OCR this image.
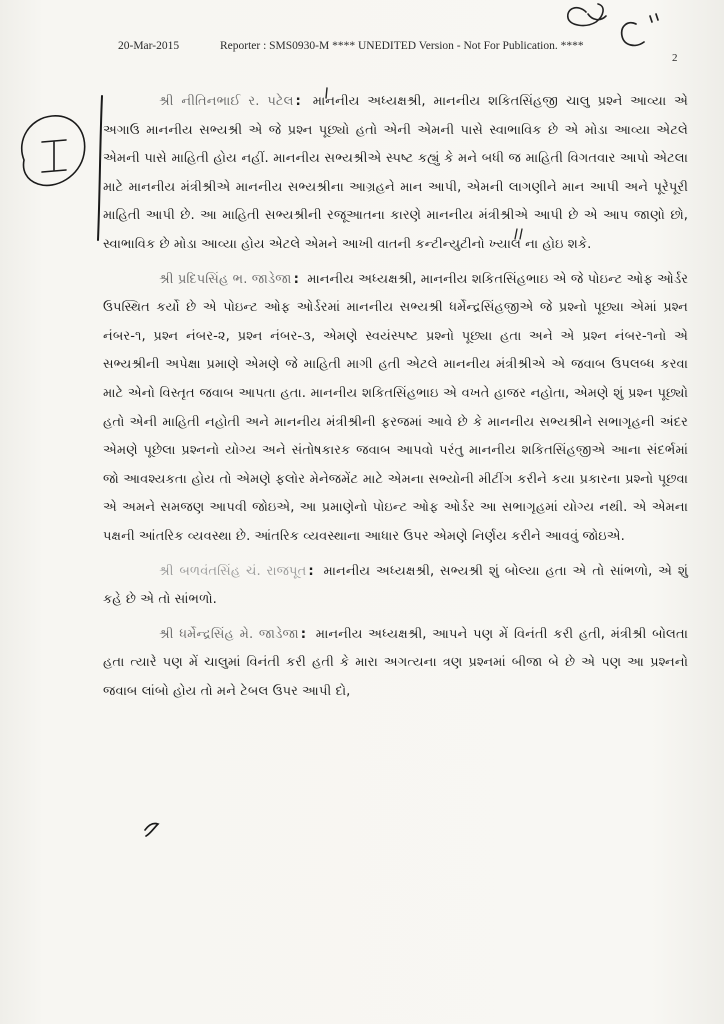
20-Mar-2015	Reporter : SMS0930-M **** UNEDITED Version - Not For Publication. ****
2

શ્રી નીતિનભાઈ ર. પટેલ : માનનીય અધ્યક્ષશ્રી, માનનીય શકિતસિંહજી ચાલુ પ્રશ્ને આવ્યા એ અગાઉ માનનીય સભ્યશ્રી એ જે પ્રશ્ન પૂછ્યો હતો એની એમની પાસે સ્વાભાવિક છે એ મોડા આવ્યા એટલે એમની પાસે માહિતી હોય નહીં. માનનીય સભ્યશ્રીએ સ્પષ્ટ કહ્યું કે મને બધી જ માહિતી વિગતવાર આપો એટલા માટે માનનીય મંત્રીશ્રીએ માનનીય સભ્યશ્રીના આગ્રહને માન આપી, એમની લાગણીને માન આપી અને પૂરેપૂરી માહિતી આપી છે. આ માહિતી સભ્યશ્રીની રજૂઆતના કારણે માનનીય મંત્રીશ્રીએ આપી છે એ આપ જાણો છો, સ્વાભાવિક છે મોડા આવ્યા હોય એટલે એમને આખી વાતની કન્ટીન્યુટીનો ખ્યાલ ના હોઇ શકે.

શ્રી પ્રદિપસિંહ ભ. જાડેજા : માનનીય અધ્યક્ષશ્રી, માનનીય શકિતસિંહભાઇ એ જે પોઇન્ટ ઓફ ઓર્ડર ઉપસ્થિત કર્યો છે એ પોઇન્ટ ઓફ ઓર્ડરમાં માનનીય સભ્યશ્રી ધર્મેન્દ્રસિંહજીએ જે પ્રશ્નો પૂછ્યા એમાં પ્રશ્ન નંબર-૧, પ્રશ્ન નંબર-૨, પ્રશ્ન નંબર-૩, એમણે સ્વયંસ્પષ્ટ પ્રશ્નો પૂછ્યા હતા અને એ પ્રશ્ન નંબર-૧નો એ સભ્યશ્રીની અપેક્ષા પ્રમાણે એમણે જે માહિતી માગી હતી એટલે માનનીય મંત્રીશ્રીએ એ જવાબ ઉપલબ્ધ કરવા માટે એનો વિસ્તૃત જવાબ આપતા હતા. માનનીય શકિતસિંહભાઇ એ વખતે હાજર નહોતા, એમણે શું પ્રશ્ન પૂછ્યો હતો એની માહિતી નહોતી અને માનનીય મંત્રીશ્રીની ફરજમાં આવે છે કે માનનીય સભ્યશ્રીને સભાગૃહની અંદર એમણે પૂછેલા પ્રશ્નનો યોગ્ય અને સંતોષકારક જવાબ આપવો પરંતુ માનનીય શકિતસિંહજીએ આના સંદર્ભમાં જો આવશ્યકતા હોય તો એમણે ફલોર મેનેજમેંટ માટે એમના સભ્યોની મીટીંગ કરીને કયા પ્રકારના પ્રશ્નો પૂછવા એ અમને સમજણ આપવી જોઇએ, આ પ્રમાણેનો પોઇન્ટ ઓફ ઓર્ડર આ સભાગૃહમાં યોગ્ય નથી. એ એમના પક્ષની આંતરિક વ્યવસ્થા છે. આંતરિક વ્યવસ્થાના આધાર ઉપર એમણે નિર્ણય કરીને આવવું જોઇએ.

શ્રી બળવંતસિંહ ચં. રાજપૂત : માનનીય અધ્યક્ષશ્રી, સભ્યશ્રી શું બોલ્યા હતા એ તો સાંભળો, એ શું કહે છે એ તો સાંભળો.

શ્રી ધર્મેન્દ્રસિંહ મે. જાડેજા : માનનીય અધ્યક્ષશ્રી, આપને પણ મેં વિનંતી કરી હતી, મંત્રીશ્રી બોલતા હતા ત્યારે પણ મેં ચાલુમાં વિનંતી કરી હતી કે મારા અગત્યના ત્રણ પ્રશ્નમાં બીજા બે છે એ પણ આ પ્રશ્નનો જવાબ લાંબો હોય તો મને ટેબલ ઉપર આપી દો,
